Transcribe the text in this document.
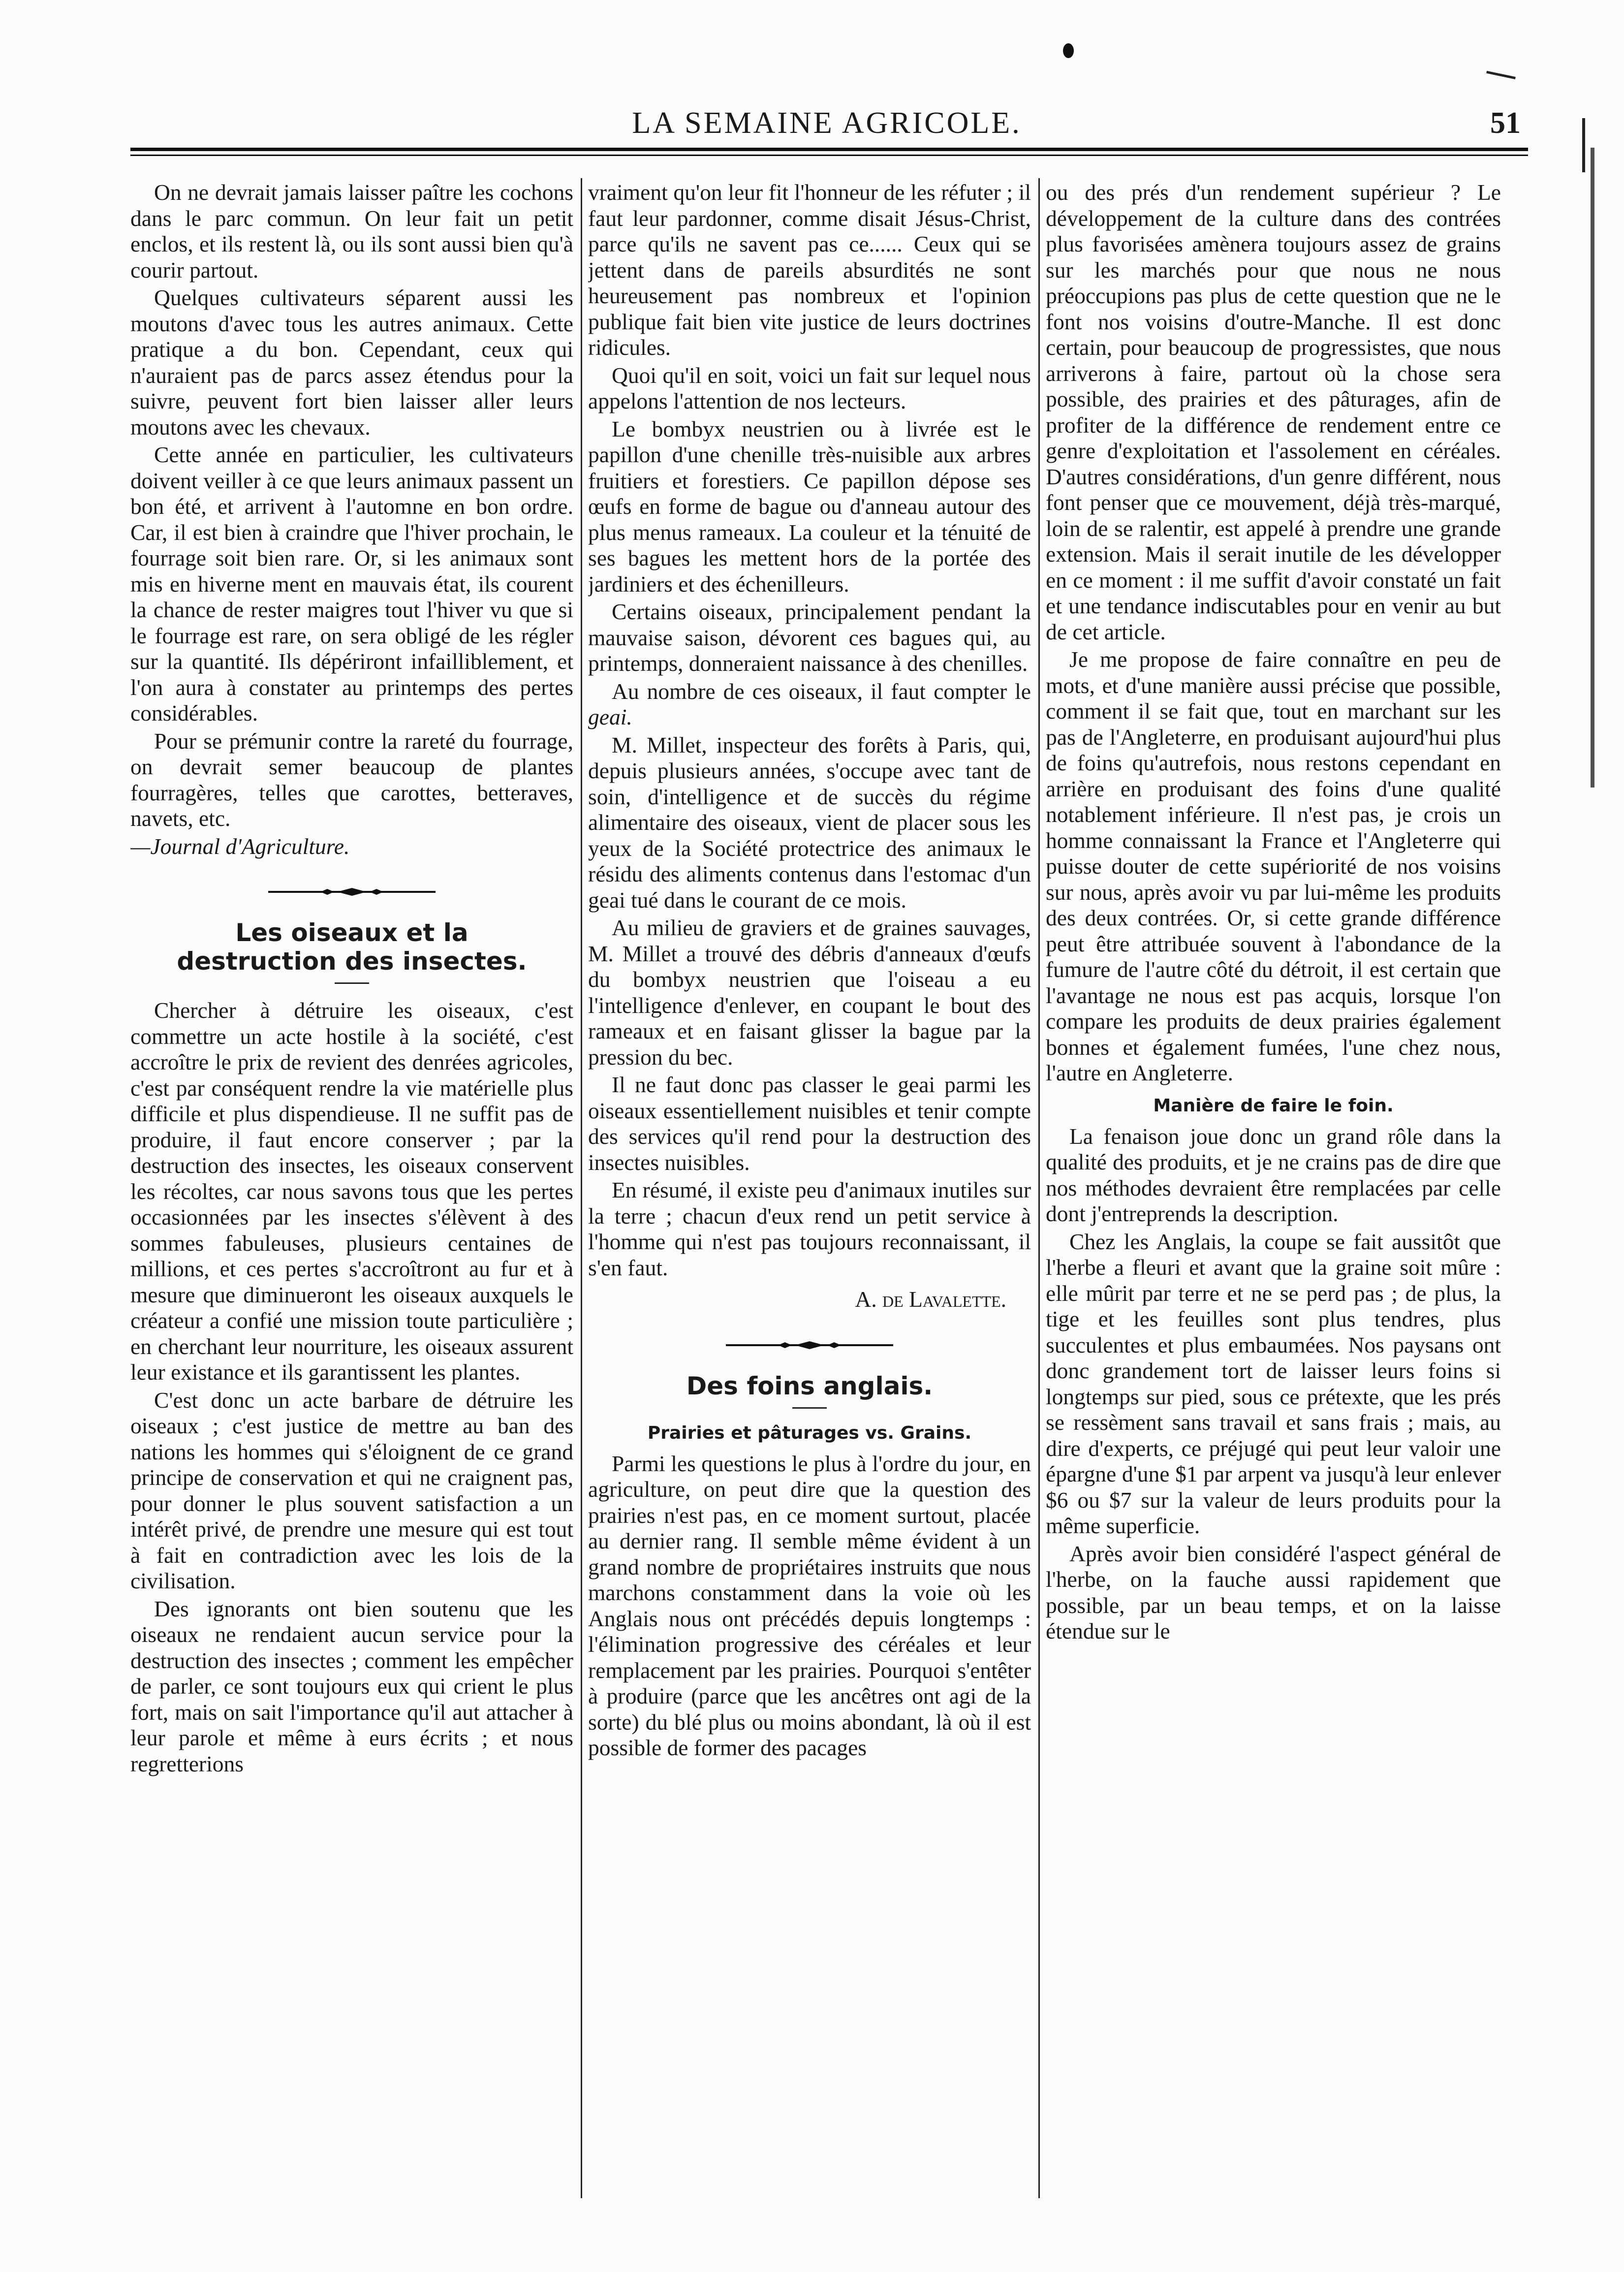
LA SEMAINE AGRICOLE.	51

On ne devrait jamais laisser paître les cochons dans le parc commun. On leur fait un petit enclos, et ils restent là, ou ils sont aussi bien qu'à courir partout.

Quelques cultivateurs séparent aussi les moutons d'avec tous les autres animaux. Cette pratique a du bon. Cependant, ceux qui n'auraient pas de parcs assez étendus pour la suivre, peuvent fort bien laisser aller leurs moutons avec les chevaux.

Cette année en particulier, les cultivateurs doivent veiller à ce que leurs animaux passent un bon été, et arrivent à l'automne en bon ordre. Car, il est bien à craindre que l'hiver prochain, le fourrage soit bien rare. Or, si les animaux sont mis en hiverne ment en mauvais état, ils courent la chance de rester maigres tout l'hiver vu que si le fourrage est rare, on sera obligé de les régler sur la quantité. Ils dépériront infailliblement, et l'on aura à constater au printemps des pertes considérables.

Pour se prémunir contre la rareté du fourrage, on devrait semer beaucoup de plantes fourragères, telles que carottes, betteraves, navets, etc.

—Journal d'Agriculture.

Les oiseaux et la destruction des insectes.

Chercher à détruire les oiseaux, c'est commettre un acte hostile à la société, c'est accroître le prix de revient des denrées agricoles, c'est par conséquent rendre la vie matérielle plus difficile et plus dispendieuse. Il ne suffit pas de produire, il faut encore conserver ; par la destruction des insectes, les oiseaux conservent les récoltes, car nous savons tous que les pertes occasionnées par les insectes s'élèvent à des sommes fabuleuses, plusieurs centaines de millions, et ces pertes s'accroîtront au fur et à mesure que diminueront les oiseaux auxquels le créateur a confié une mission toute particulière ; en cherchant leur nourriture, les oiseaux assurent leur existance et ils garantissent les plantes.

C'est donc un acte barbare de détruire les oiseaux ; c'est justice de mettre au ban des nations les hommes qui s'éloignent de ce grand principe de conservation et qui ne craignent pas, pour donner le plus souvent satisfaction a un intérêt privé, de prendre une mesure qui est tout à fait en contradiction avec les lois de la civilisation.

Des ignorants ont bien soutenu que les oiseaux ne rendaient aucun service pour la destruction des insectes ; comment les empêcher de parler, ce sont toujours eux qui crient le plus fort, mais on sait l'importance qu'il aut attacher à leur parole et même à eurs écrits ; et nous regretterions

vraiment qu'on leur fit l'honneur de les réfuter ; il faut leur pardonner, comme disait Jésus-Christ, parce qu'ils ne savent pas ce...... Ceux qui se jettent dans de pareils absurdités ne sont heureusement pas nombreux et l'opinion publique fait bien vite justice de leurs doctrines ridicules.

Quoi qu'il en soit, voici un fait sur lequel nous appelons l'attention de nos lecteurs.

Le bombyx neustrien ou à livrée est le papillon d'une chenille très-nuisible aux arbres fruitiers et forestiers. Ce papillon dépose ses œufs en forme de bague ou d'anneau autour des plus menus rameaux. La couleur et la ténuité de ses bagues les mettent hors de la portée des jardiniers et des échenilleurs.

Certains oiseaux, principalement pendant la mauvaise saison, dévorent ces bagues qui, au printemps, donneraient naissance à des chenilles.

Au nombre de ces oiseaux, il faut compter le geai.

M. Millet, inspecteur des forêts à Paris, qui, depuis plusieurs années, s'occupe avec tant de soin, d'intelligence et de succès du régime alimentaire des oiseaux, vient de placer sous les yeux de la Société protectrice des animaux le résidu des aliments contenus dans l'estomac d'un geai tué dans le courant de ce mois.

Au milieu de graviers et de graines sauvages, M. Millet a trouvé des débris d'anneaux d'œufs du bombyx neustrien que l'oiseau a eu l'intelligence d'enlever, en coupant le bout des rameaux et en faisant glisser la bague par la pression du bec.

Il ne faut donc pas classer le geai parmi les oiseaux essentiellement nuisibles et tenir compte des services qu'il rend pour la destruction des insectes nuisibles.

En résumé, il existe peu d'animaux inutiles sur la terre ; chacun d'eux rend un petit service à l'homme qui n'est pas toujours reconnaissant, il s'en faut.

A. de Lavalette.

Des foins anglais.
Prairies et pâturages vs. Grains.

Parmi les questions le plus à l'ordre du jour, en agriculture, on peut dire que la question des prairies n'est pas, en ce moment surtout, placée au dernier rang. Il semble même évident à un grand nombre de propriétaires instruits que nous marchons constamment dans la voie où les Anglais nous ont précédés depuis longtemps : l'élimination progressive des céréales et leur remplacement par les prairies. Pourquoi s'entêter à produire (parce que les ancêtres ont agi de la sorte) du blé plus ou moins abondant, là où il est possible de former des pacages

ou des prés d'un rendement supérieur ? Le développement de la culture dans des contrées plus favorisées amènera toujours assez de grains sur les marchés pour que nous ne nous préoccupions pas plus de cette question que ne le font nos voisins d'outre-Manche. Il est donc certain, pour beaucoup de progressistes, que nous arriverons à faire, partout où la chose sera possible, des prairies et des pâturages, afin de profiter de la différence de rendement entre ce genre d'exploitation et l'assolement en céréales. D'autres considérations, d'un genre différent, nous font penser que ce mouvement, déjà très-marqué, loin de se ralentir, est appelé à prendre une grande extension. Mais il serait inutile de les développer en ce moment : il me suffit d'avoir constaté un fait et une tendance indiscutables pour en venir au but de cet article.

Je me propose de faire connaître en peu de mots, et d'une manière aussi précise que possible, comment il se fait que, tout en marchant sur les pas de l'Angleterre, en produisant aujourd'hui plus de foins qu'autrefois, nous restons cependant en arrière en produisant des foins d'une qualité notablement inférieure. Il n'est pas, je crois un homme connaissant la France et l'Angleterre qui puisse douter de cette supériorité de nos voisins sur nous, après avoir vu par lui-même les produits des deux contrées. Or, si cette grande différence peut être attribuée souvent à l'abondance de la fumure de l'autre côté du détroit, il est certain que l'avantage ne nous est pas acquis, lorsque l'on compare les produits de deux prairies également bonnes et également fumées, l'une chez nous, l'autre en Angleterre.

Manière de faire le foin.

La fenaison joue donc un grand rôle dans la qualité des produits, et je ne crains pas de dire que nos méthodes devraient être remplacées par celle dont j'entreprends la description.

Chez les Anglais, la coupe se fait aussitôt que l'herbe a fleuri et avant que la graine soit mûre : elle mûrit par terre et ne se perd pas ; de plus, la tige et les feuilles sont plus tendres, plus succulentes et plus embaumées. Nos paysans ont donc grandement tort de laisser leurs foins si longtemps sur pied, sous ce prétexte, que les prés se ressèment sans travail et sans frais ; mais, au dire d'experts, ce préjugé qui peut leur valoir une épargne d'une $1 par arpent va jusqu'à leur enlever $6 ou $7 sur la valeur de leurs produits pour la même superficie.

Après avoir bien considéré l'aspect général de l'herbe, on la fauche aussi rapidement que possible, par un beau temps, et on la laisse étendue sur le
